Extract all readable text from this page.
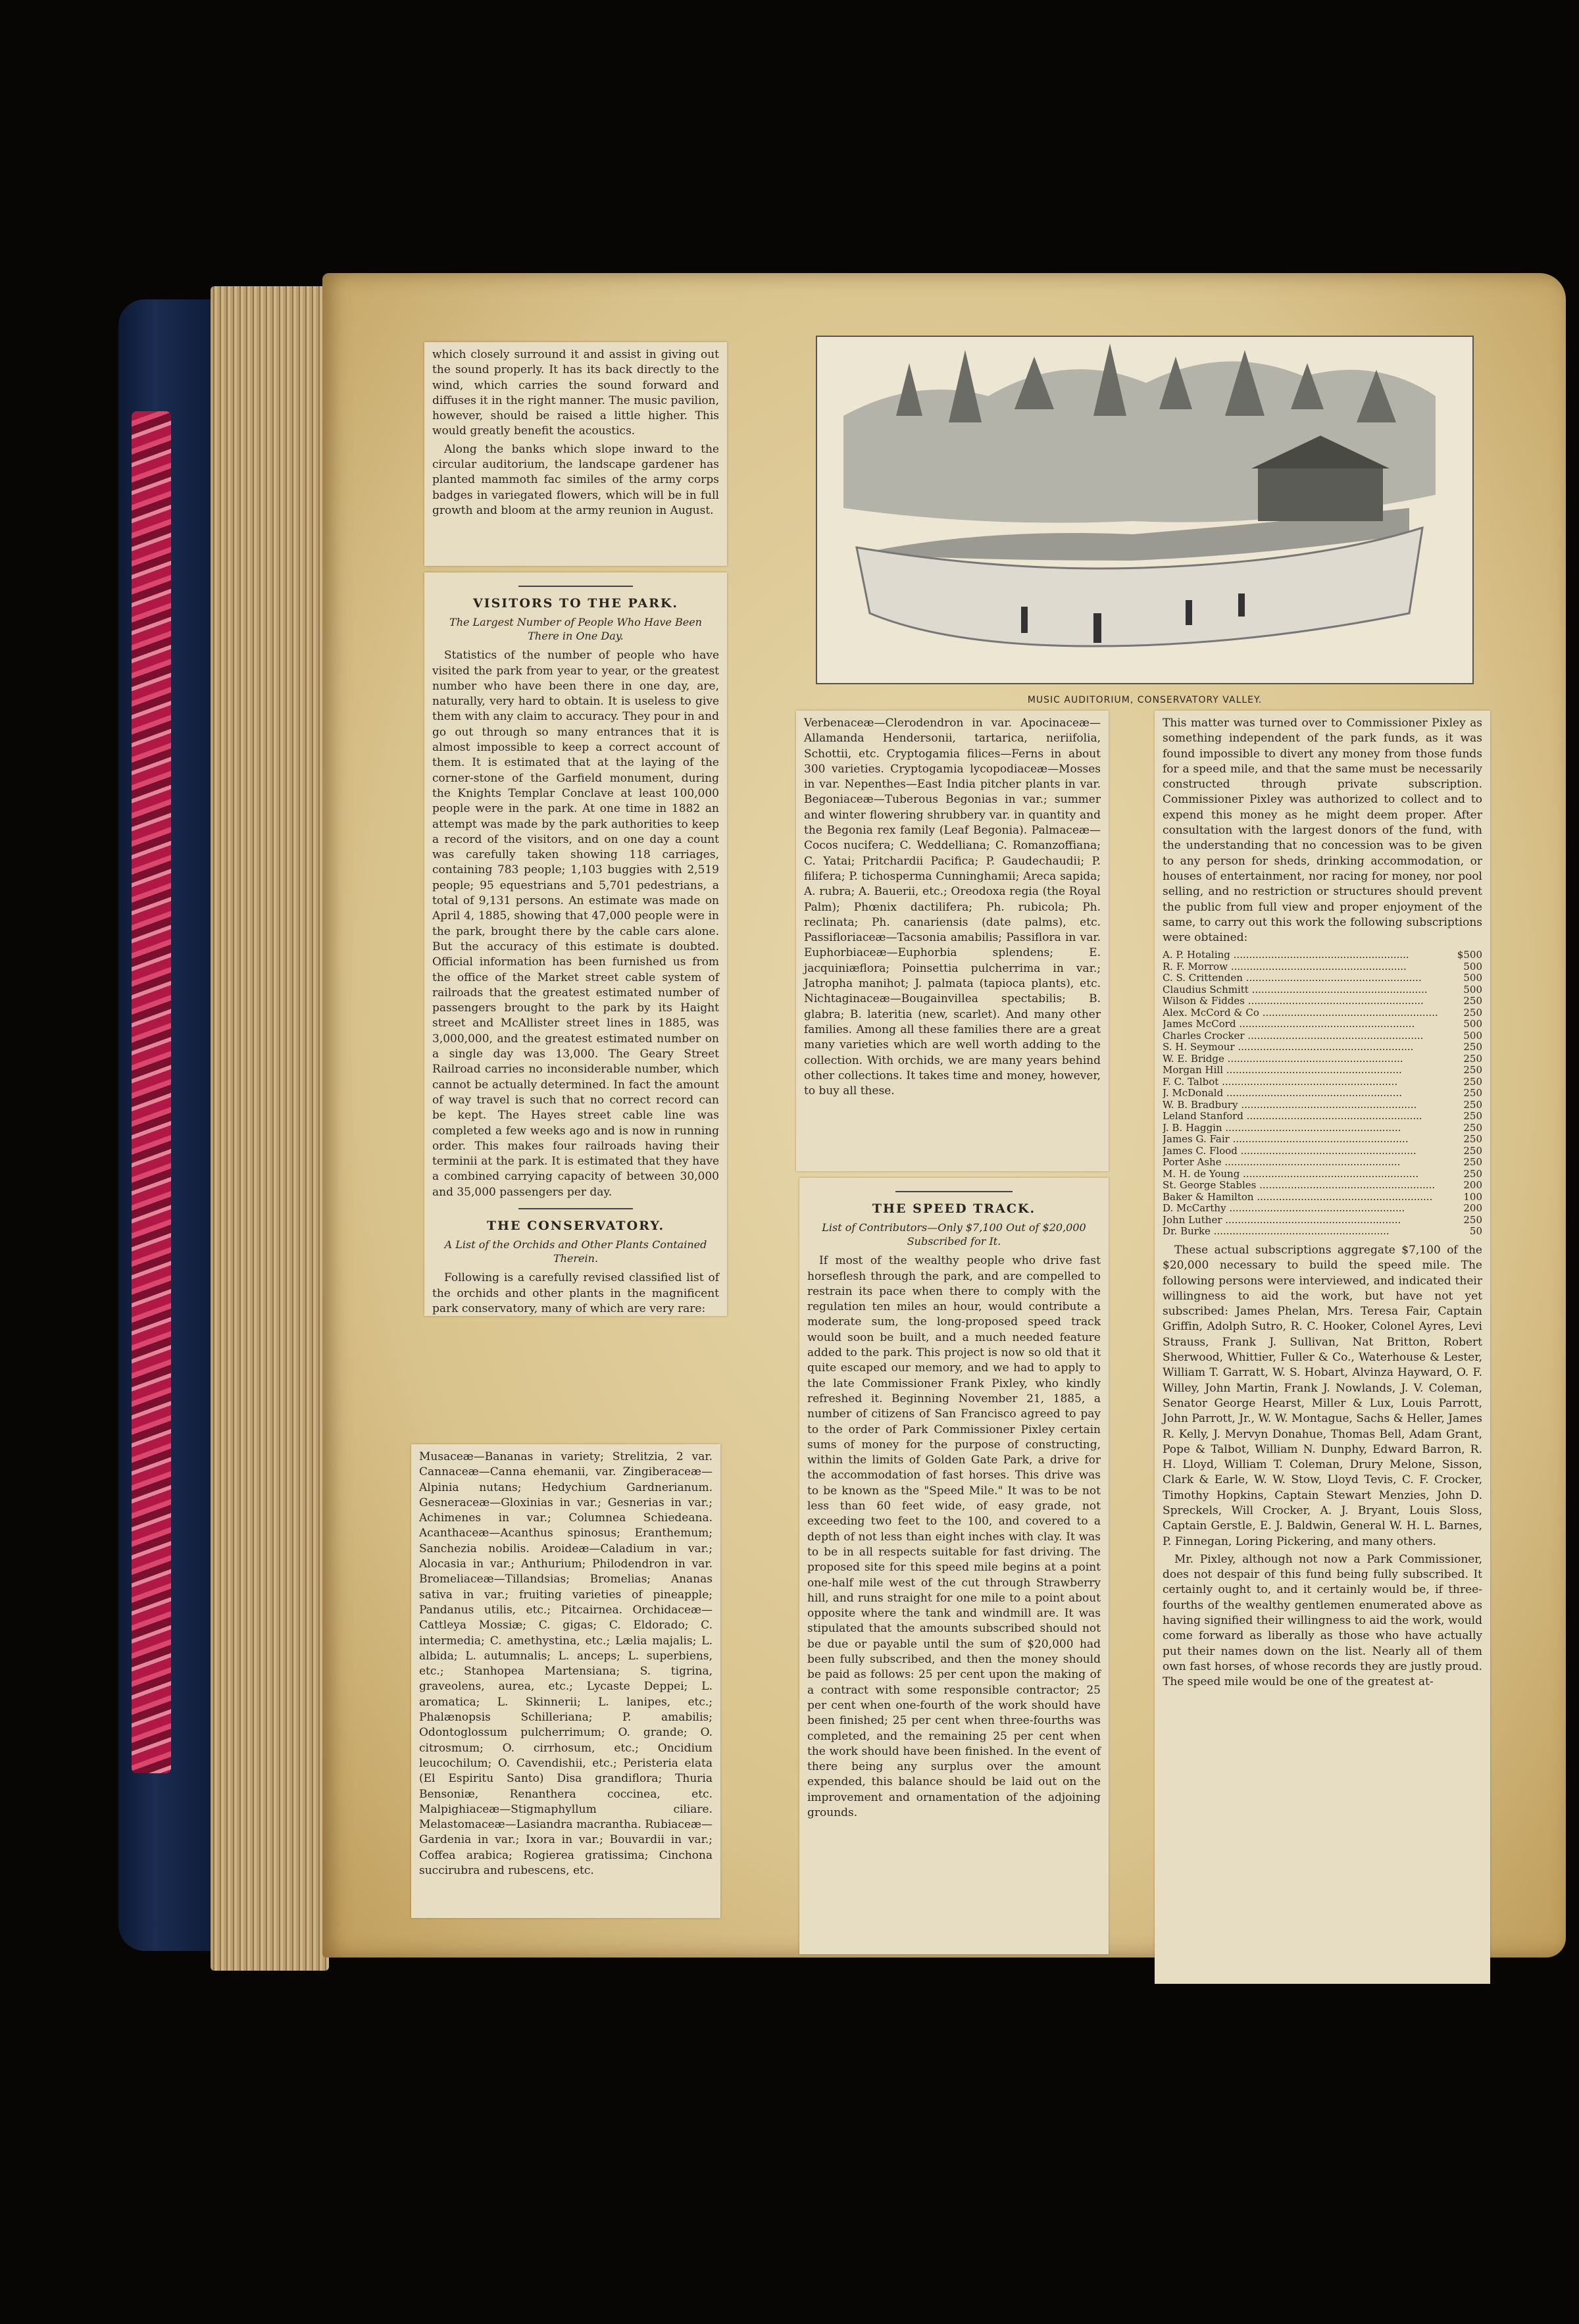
which closely surround it and assist in giving out the sound properly. It has its back directly to the wind, which carries the sound forward and diffuses it in the right manner. The music pavilion, however, should be raised a little higher. This would greatly benefit the acoustics.

Along the banks which slope inward to the circular auditorium, the landscape gardener has planted mammoth fac similes of the army corps badges in variegated flowers, which will be in full growth and bloom at the army reunion in August.

VISITORS TO THE PARK.
The Largest Number of People Who Have Been There in One Day.

Statistics of the number of people who have visited the park from year to year, or the greatest number who have been there in one day, are, naturally, very hard to obtain. It is useless to give them with any claim to accuracy. They pour in and go out through so many entrances that it is almost impossible to keep a correct account of them. It is estimated that at the laying of the corner-stone of the Garfield monument, during the Knights Templar Conclave at least 100,000 people were in the park. At one time in 1882 an attempt was made by the park authorities to keep a record of the visitors, and on one day a count was carefully taken showing 118 carriages, containing 783 people; 1,103 buggies with 2,519 people; 95 equestrians and 5,701 pedestrians, a total of 9,131 persons. An estimate was made on April 4, 1885, showing that 47,000 people were in the park, brought there by the cable cars alone. But the accuracy of this estimate is doubted. Official information has been furnished us from the office of the Market street cable system of railroads that the greatest estimated number of passengers brought to the park by its Haight street and McAllister street lines in 1885, was 3,000,000, and the greatest estimated number on a single day was 13,000. The Geary Street Railroad carries no inconsiderable number, which cannot be actually determined. In fact the amount of way travel is such that no correct record can be kept. The Hayes street cable line was completed a few weeks ago and is now in running order. This makes four railroads having their terminii at the park. It is estimated that they have a combined carrying capacity of between 30,000 and 35,000 passengers per day.

THE CONSERVATORY.
A List of the Orchids and Other Plants Contained Therein.

Following is a carefully revised classified list of the orchids and other plants in the magnificent park conservatory, many of which are very rare:

Musaceæ—Bananas in variety; Strelitzia, 2 var. Cannaceæ—Canna ehemanii, var. Zingiberaceæ—Alpinia nutans; Hedychium Gardnerianum. Gesneraceæ—Gloxinias in var.; Gesnerias in var.; Achimenes in var.; Columnea Schiedeana. Acanthaceæ—Acanthus spinosus; Eranthemum; Sanchezia nobilis. Aroideæ—Caladium in var.; Alocasia in var.; Anthurium; Philodendron in var. Bromeliaceæ—Tillandsias; Bromelias; Ananas sativa in var.; fruiting varieties of pineapple; Pandanus utilis, etc.; Pitcairnea. Orchidaceæ—Cattleya Mossiæ; C. gigas; C. Eldorado; C. intermedia; C. amethystina, etc.; Lælia majalis; L. albida; L. autumnalis; L. anceps; L. superbiens, etc.; Stanhopea Martensiana; S. tigrina, graveolens, aurea, etc.; Lycaste Deppei; L. aromatica; L. Skinnerii; L. lanipes, etc.; Phalænopsis Schilleriana; P. amabilis; Odontoglossum pulcherrimum; O. grande; O. citrosmum; O. cirrhosum, etc.; Oncidium leucochilum; O. Cavendishii, etc.; Peristeria elata (El Espiritu Santo) Disa grandiflora; Thuria Bensoniæ, Renanthera coccinea, etc. Malpighiaceæ—Stigmaphyllum ciliare. Melastomaceæ—Lasiandra macrantha. Rubiaceæ—Gardenia in var.; Ixora in var.; Bouvardii in var.; Coffea arabica; Rogierea gratissima; Cinchona succirubra and rubescens, etc.

MUSIC AUDITORIUM, CONSERVATORY VALLEY.

Verbenaceæ—Clerodendron in var. Apocinaceæ—Allamanda Hendersonii, tartarica, neriifolia, Schottii, etc. Cryptogamia filices—Ferns in about 300 varieties. Cryptogamia lycopodiaceæ—Mosses in var. Nepenthes—East India pitcher plants in var. Begoniaceæ—Tuberous Begonias in var.; summer and winter flowering shrubbery var. in quantity and the Begonia rex family (Leaf Begonia). Palmaceæ—Cocos nucifera; C. Weddelliana; C. Romanzoffiana; C. Yatai; Pritchardii Pacifica; P. Gaudechaudii; P. filifera; P. tichosperma Cunninghamii; Areca sapida; A. rubra; A. Bauerii, etc.; Oreodoxa regia (the Royal Palm); Phœnix dactilifera; Ph. rubicola; Ph. reclinata; Ph. canariensis (date palms), etc. Passifloriaceæ—Tacsonia amabilis; Passiflora in var. Euphorbiaceæ—Euphorbia splendens; E. jacquiniæflora; Poinsettia pulcherrima in var.; Jatropha manihot; J. palmata (tapioca plants), etc. Nichtaginaceæ—Bougainvillea spectabilis; B. glabra; B. lateritia (new, scarlet). And many other families. Among all these families there are a great many varieties which are well worth adding to the collection. With orchids, we are many years behind other collections. It takes time and money, however, to buy all these.

THE SPEED TRACK.
List of Contributors—Only $7,100 Out of $20,000 Subscribed for It.

If most of the wealthy people who drive fast horseflesh through the park, and are compelled to restrain its pace when there to comply with the regulation ten miles an hour, would contribute a moderate sum, the long-proposed speed track would soon be built, and a much needed feature added to the park. This project is now so old that it quite escaped our memory, and we had to apply to the late Commissioner Frank Pixley, who kindly refreshed it. Beginning November 21, 1885, a number of citizens of San Francisco agreed to pay to the order of Park Commissioner Pixley certain sums of money for the purpose of constructing, within the limits of Golden Gate Park, a drive for the accommodation of fast horses. This drive was to be known as the "Speed Mile." It was to be not less than 60 feet wide, of easy grade, not exceeding two feet to the 100, and covered to a depth of not less than eight inches with clay. It was to be in all respects suitable for fast driving. The proposed site for this speed mile begins at a point one-half mile west of the cut through Strawberry hill, and runs straight for one mile to a point about opposite where the tank and windmill are. It was stipulated that the amounts subscribed should not be due or payable until the sum of $20,000 had been fully subscribed, and then the money should be paid as follows: 25 per cent upon the making of a contract with some responsible contractor; 25 per cent when one-fourth of the work should have been finished; 25 per cent when three-fourths was completed, and the remaining 25 per cent when the work should have been finished. In the event of there being any surplus over the amount expended, this balance should be laid out on the improvement and ornamentation of the adjoining grounds.

This matter was turned over to Commissioner Pixley as something independent of the park funds, as it was found impossible to divert any money from those funds for a speed mile, and that the same must be necessarily constructed through private subscription. Commissioner Pixley was authorized to collect and to expend this money as he might deem proper. After consultation with the largest donors of the fund, with the understanding that no concession was to be given to any person for sheds, drinking accommodation, or houses of entertainment, nor racing for money, nor pool selling, and no restriction or structures should prevent the public from full view and proper enjoyment of the same, to carry out this work the following subscriptions were obtained:

A. P. Hotaling .....	$500
R. F. Morrow .....	500
C. S. Crittenden .....	500
Claudius Schmitt .....	500
Wilson & Fiddes .....	250
Alex. McCord & Co .....	250
James McCord .....	500
Charles Crocker .....	500
S. H. Seymour .....	250
W. E. Bridge .....	250
Morgan Hill .....	250
F. C. Talbot .....	250
J. McDonald .....	250
W. B. Bradbury .....	250
Leland Stanford .....	250
J. B. Haggin .....	250
James G. Fair .....	250
James C. Flood .....	250
Porter Ashe .....	250
M. H. de Young .....	250
St. George Stables .....	200
Baker & Hamilton .....	100
D. McCarthy .....	200
John Luther .....	250
Dr. Burke .....	50

These actual subscriptions aggregate $7,100 of the $20,000 necessary to build the speed mile. The following persons were interviewed, and indicated their willingness to aid the work, but have not yet subscribed: James Phelan, Mrs. Teresa Fair, Captain Griffin, Adolph Sutro, R. C. Hooker, Colonel Ayres, Levi Strauss, Frank J. Sullivan, Nat Britton, Robert Sherwood, Whittier, Fuller & Co., Waterhouse & Lester, William T. Garratt, W. S. Hobart, Alvinza Hayward, O. F. Willey, John Martin, Frank J. Nowlands, J. V. Coleman, Senator George Hearst, Miller & Lux, Louis Parrott, John Parrott, Jr., W. W. Montague, Sachs & Heller, James R. Kelly, J. Mervyn Donahue, Thomas Bell, Adam Grant, Pope & Talbot, William N. Dunphy, Edward Barron, R. H. Lloyd, William T. Coleman, Drury Melone, Sisson, Clark & Earle, W. W. Stow, Lloyd Tevis, C. F. Crocker, Timothy Hopkins, Captain Stewart Menzies, John D. Spreckels, Will Crocker, A. J. Bryant, Louis Sloss, Captain Gerstle, E. J. Baldwin, General W. H. L. Barnes, P. Finnegan, Loring Pickering, and many others.

Mr. Pixley, although not now a Park Commissioner, does not despair of this fund being fully subscribed. It certainly ought to, and it certainly would be, if three-fourths of the wealthy gentlemen enumerated above as having signified their willingness to aid the work, would come forward as liberally as those who have actually put their names down on the list. Nearly all of them own fast horses, of whose records they are justly proud. The speed mile would be one of the greatest at-
